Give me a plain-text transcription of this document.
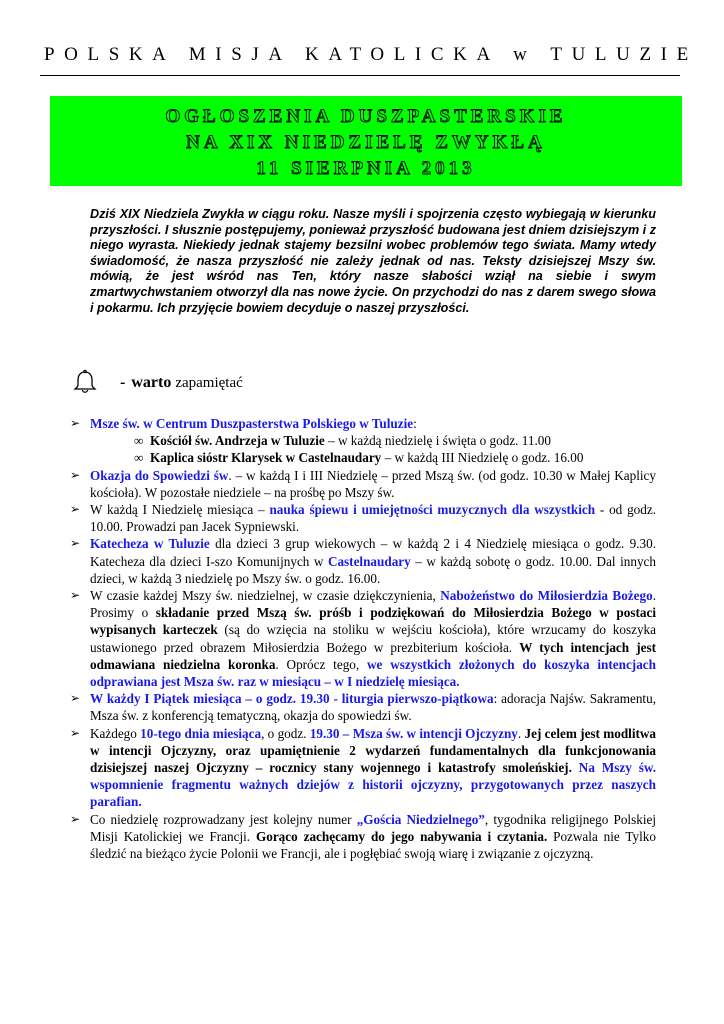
POLSKA MISJA KATOLICKA w TULUZIE
OGŁOSZENIA DUSZPASTERSKIE
NA XIX NIEDZIELĘ ZWYKŁĄ
11 SIERPNIA 2013
Dziś XIX Niedziela Zwykła w ciągu roku. Nasze myśli i spojrzenia często wybiegają w kierunku przyszłości. I słusznie postępujemy, ponieważ przyszłość budowana jest dniem dzisiejszym i z niego wyrasta. Niekiedy jednak stajemy bezsilni wobec problemów tego świata. Mamy wtedy świadomość, że nasza przyszłość nie zależy jednak od nas. Teksty dzisiejszej Mszy św. mówią, że jest wśród nas Ten, który nasze słabości wziął na siebie i swym zmartwychwstaniem otworzył dla nas nowe życie. On przychodzi do nas z darem swego słowa i pokarmu. Ich przyjęcie bowiem decyduje o naszej przyszłości.
- warto zapamiętać
➢ Msze św. w Centrum Duszpasterstwa Polskiego w Tuluzie:
∞ Kościół św. Andrzeja w Tuluzie – w każdą niedzielę i święta o godz. 11.00
∞ Kaplica sióstr Klarysek w Castelnaudary – w każdą III Niedzielę o godz. 16.00
➢ Okazja do Spowiedzi św. – w każdą I i III Niedzielę – przed Mszą św. (od godz. 10.30 w Małej Kaplicy kościoła). W pozostałe niedziele – na prośbę po Mszy św.
➢ W każdą I Niedzielę miesiąca – nauka śpiewu i umiejętności muzycznych dla wszystkich - od godz. 10.00. Prowadzi pan Jacek Sypniewski.
➢ Katecheza w Tuluzie dla dzieci 3 grup wiekowych – w każdą 2 i 4 Niedzielę miesiąca o godz. 9.30. Katecheza dla dzieci I-szo Komunijnych w Castelnaudary – w każdą sobotę o godz. 10.00. Dal innych dzieci, w każdą 3 niedzielę po Mszy św. o godz. 16.00.
➢ W czasie każdej Mszy św. niedzielnej, w czasie dziękczynienia, Nabożeństwo do Miłosierdzia Bożego. Prosimy o składanie przed Mszą św. próśb i podziękowań do Miłosierdzia Bożego w postaci wypisanych karteczek (są do wzięcia na stoliku w wejściu kościoła), które wrzucamy do koszyka ustawionego przed obrazem Miłosierdzia Bożego w prezbiterium kościoła. W tych intencjach jest odmawiana niedzielna koronka. Oprócz tego, we wszystkich złożonych do koszyka intencjach odprawiana jest Msza św. raz w miesiącu – w I niedzielę miesiąca.
➢ W każdy I Piątek miesiąca – o godz. 19.30 - liturgia pierwszo-piątkowa: adoracja Najśw. Sakramentu, Msza św. z konferencją tematyczną, okazja do spowiedzi św.
➢ Każdego 10-tego dnia miesiąca, o godz. 19.30 – Msza św. w intencji Ojczyzny. Jej celem jest modlitwa w intencji Ojczyzny, oraz upamiętnienie 2 wydarzeń fundamentalnych dla funkcjonowania dzisiejszej naszej Ojczyzny – rocznicy stany wojennego i katastrofy smoleńskiej. Na Mszy św. wspomnienie fragmentu ważnych dziejów z historii ojczyzny, przygotowanych przez naszych parafian.
➢ Co niedzielę rozprowadzany jest kolejny numer „Gościa Niedzielnego”, tygodnika religijnego Polskiej Misji Katolickiej we Francji. Gorąco zachęcamy do jego nabywania i czytania. Pozwala nie Tylko śledzić na bieżąco życie Polonii we Francji, ale i pogłębiać swoją wiarę i związanie z ojczyzną.
